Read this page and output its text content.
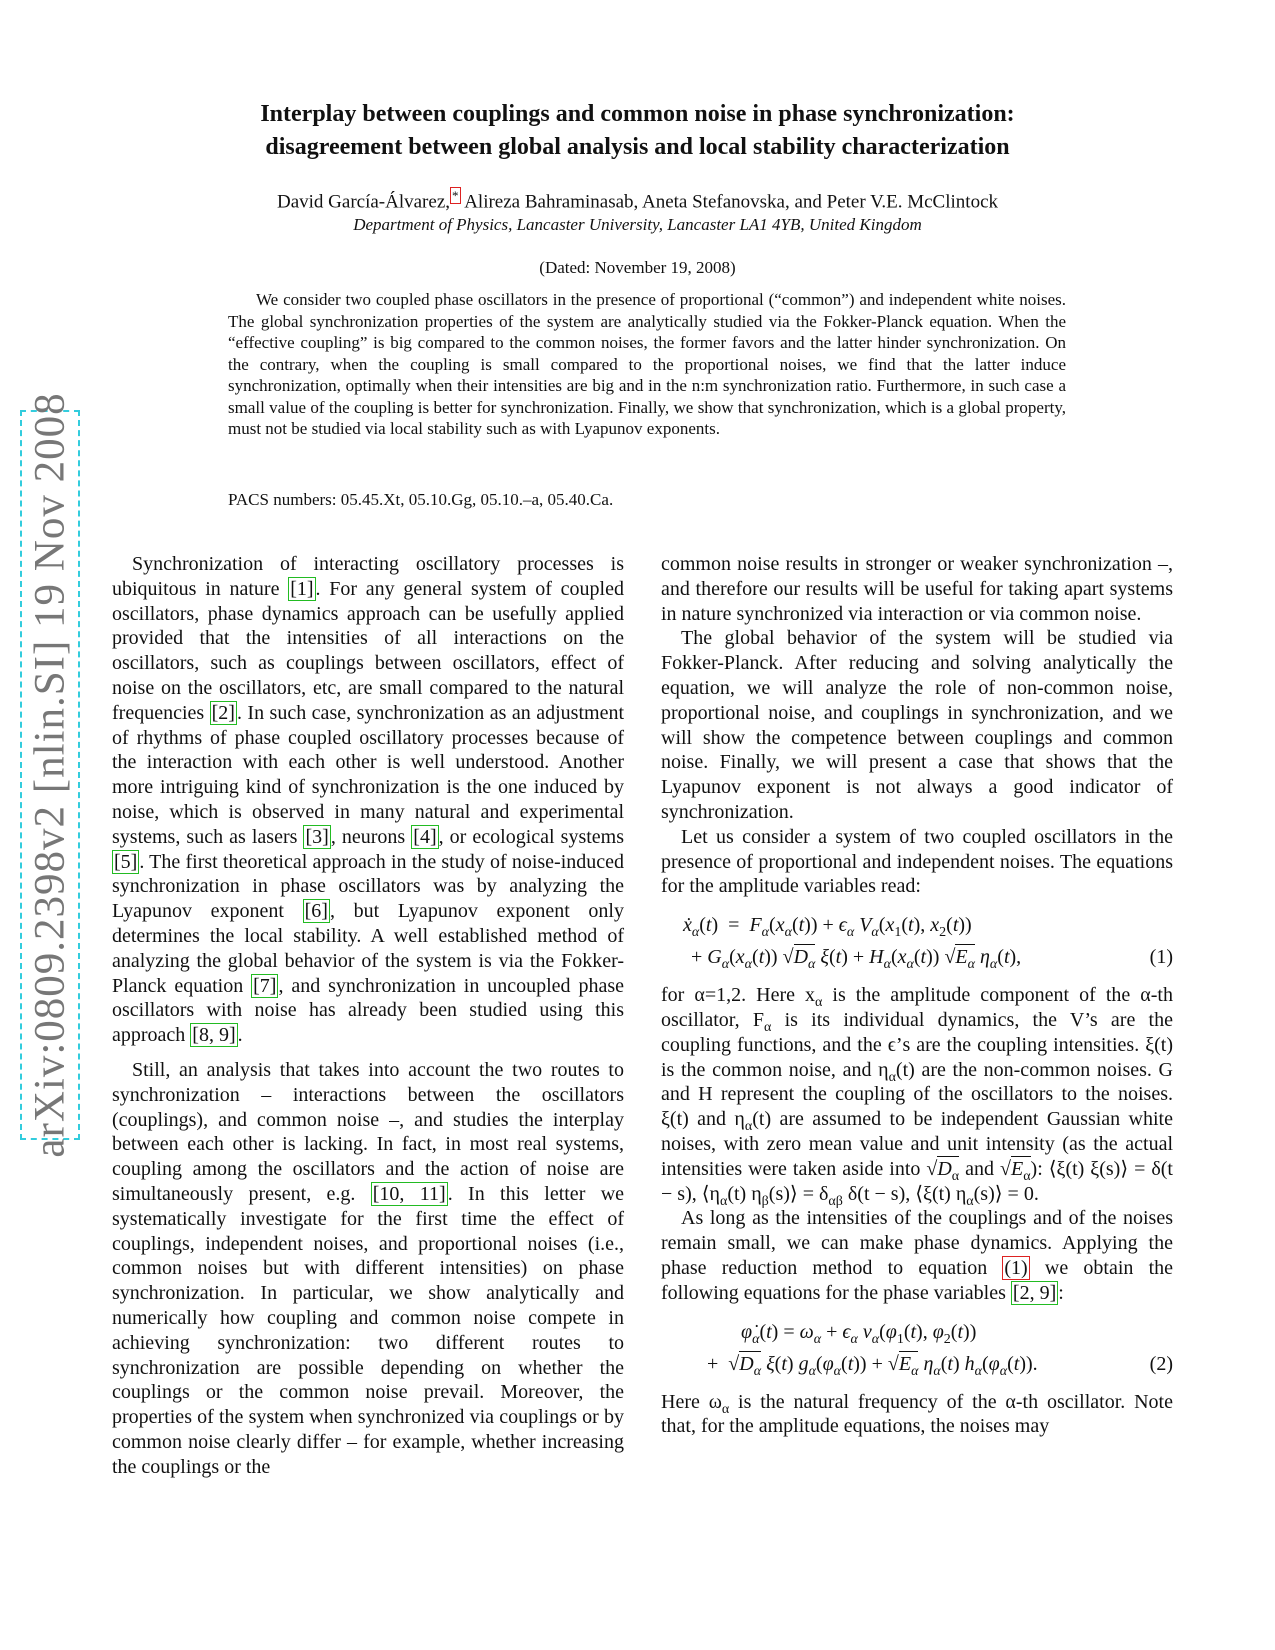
arXiv:0809.2398v2 [nlin.SI] 19 Nov 2008
Interplay between couplings and common noise in phase synchronization:
disagreement between global analysis and local stability characterization
David García-Álvarez, * Alireza Bahraminasab, Aneta Stefanovska, and Peter V.E. McClintock
Department of Physics, Lancaster University, Lancaster LA1 4YB, United Kingdom
(Dated: November 19, 2008)

We consider two coupled phase oscillators in the presence of proportional (“common”) and independent white noises. The global synchronization properties of the system are analytically studied via the Fokker-Planck equation. When the “effective coupling” is big compared to the common noises, the former favors and the latter hinder synchronization. On the contrary, when the coupling is small compared to the proportional noises, we find that the latter induce synchronization, optimally when their intensities are big and in the n:m synchronization ratio. Furthermore, in such case a small value of the coupling is better for synchronization. Finally, we show that synchronization, which is a global property, must not be studied via local stability such as with Lyapunov exponents.

PACS numbers: 05.45.Xt, 05.10.Gg, 05.10.–a, 05.40.Ca.

Synchronization of interacting oscillatory processes is ubiquitous in nature [1] . For any general system of coupled oscillators, phase dynamics approach can be usefully applied provided that the intensities of all interactions on the oscillators, such as couplings between oscillators, effect of noise on the oscillators, etc, are small compared to the natural frequencies [2] . In such case, synchronization as an adjustment of rhythms of phase coupled oscillatory processes because of the interaction with each other is well understood. Another more intriguing kind of synchronization is the one induced by noise, which is observed in many natural and experimental systems, such as lasers [3] , neurons [4] , or ecological systems [5] . The first theoretical approach in the study of noise-induced synchronization in phase oscillators was by analyzing the Lyapunov exponent [6] , but Lyapunov exponent only determines the local stability. A well established method of analyzing the global behavior of the system is via the Fokker-Planck equation [7] , and synchronization in uncoupled phase oscillators with noise has already been studied using this approach [8, 9] .

Still, an analysis that takes into account the two routes to synchronization – interactions between the oscillators (couplings), and common noise –, and studies the interplay between each other is lacking. In fact, in most real systems, coupling among the oscillators and the action of noise are simultaneously present, e.g. [10, 11] . In this letter we systematically investigate for the first time the effect of couplings, independent noises, and proportional noises (i.e., common noises but with different intensities) on phase synchronization. In particular, we show analytically and numerically how coupling and common noise compete in achieving synchronization: two different routes to synchronization are possible depending on whether the couplings or the common noise prevail. Moreover, the properties of the system when synchronized via couplings or by common noise clearly differ – for example, whether increasing the couplings or the

common noise results in stronger or weaker synchronization –, and therefore our results will be useful for taking apart systems in nature synchronized via interaction or via common noise.

The global behavior of the system will be studied via Fokker-Planck. After reducing and solving analytically the equation, we will analyze the role of non-common noise, proportional noise, and couplings in synchronization, and we will show the competence between couplings and common noise. Finally, we will present a case that shows that the Lyapunov exponent is not always a good indicator of synchronization.

Let us consider a system of two coupled oscillators in the presence of proportional and independent noises. The equations for the amplitude variables read:

ẋ$_\alpha$(t) =  $F_\alpha(x_\alpha(t)) + \epsilon_\alpha$ $V_\alpha(x_1(t)$, $x_2(t)$)
+ $G_\alpha(x_\alpha(t))$ $√D_\alpha$ $\xi(t) + H_\alpha(x_\alpha(t))$ $√E_\alpha$ $\eta_\alpha(t)$,	(1)

for α=1,2. Here $x_\alpha$ is the amplitude component of the α-th oscillator, $F_\alpha$ is its individual dynamics, the V’s are the coupling functions, and the ϵ’s are the coupling intensities. ξ(t) is the common noise, and $\eta_\alpha(t)$ are the non-common noises. G and H represent the coupling of the oscillators to the noises. ξ(t) and $\eta_\alpha(t)$ are assumed to be independent Gaussian white noises, with zero mean value and unit intensity (as the actual intensities were taken aside into $√D_\alpha$ and $√E_\alpha$): ⟨ξ(t) ξ(s)⟩ = δ(t − s), $⟨\eta_\alpha(t)$ $\eta_\beta(s)⟩ = \delta_{\alpha\beta}$ δ(t − s), ⟨ξ(t) $\eta_\alpha(s)⟩ = 0$.

As long as the intensities of the couplings and of the noises remain small, we can make phase dynamics. Applying the phase reduction method to equation (1) we obtain the following equations for the phase variables [2, 9] :

$\varphi̇_\alpha(t) = \omega_\alpha + \epsilon_\alpha$ $v_\alpha(\varphi_1(t)$, $\varphi_2(t)$)
+ $√D_\alpha$ ξ(t) $g_\alpha(\varphi_\alpha(t)) + √E_\alpha$ $\eta_\alpha(t)$ $h_\alpha(\varphi_\alpha(t))$.	(2)

Here $\omega_\alpha$ is the natural frequency of the α-th oscillator. Note that, for the amplitude equations, the noises may
